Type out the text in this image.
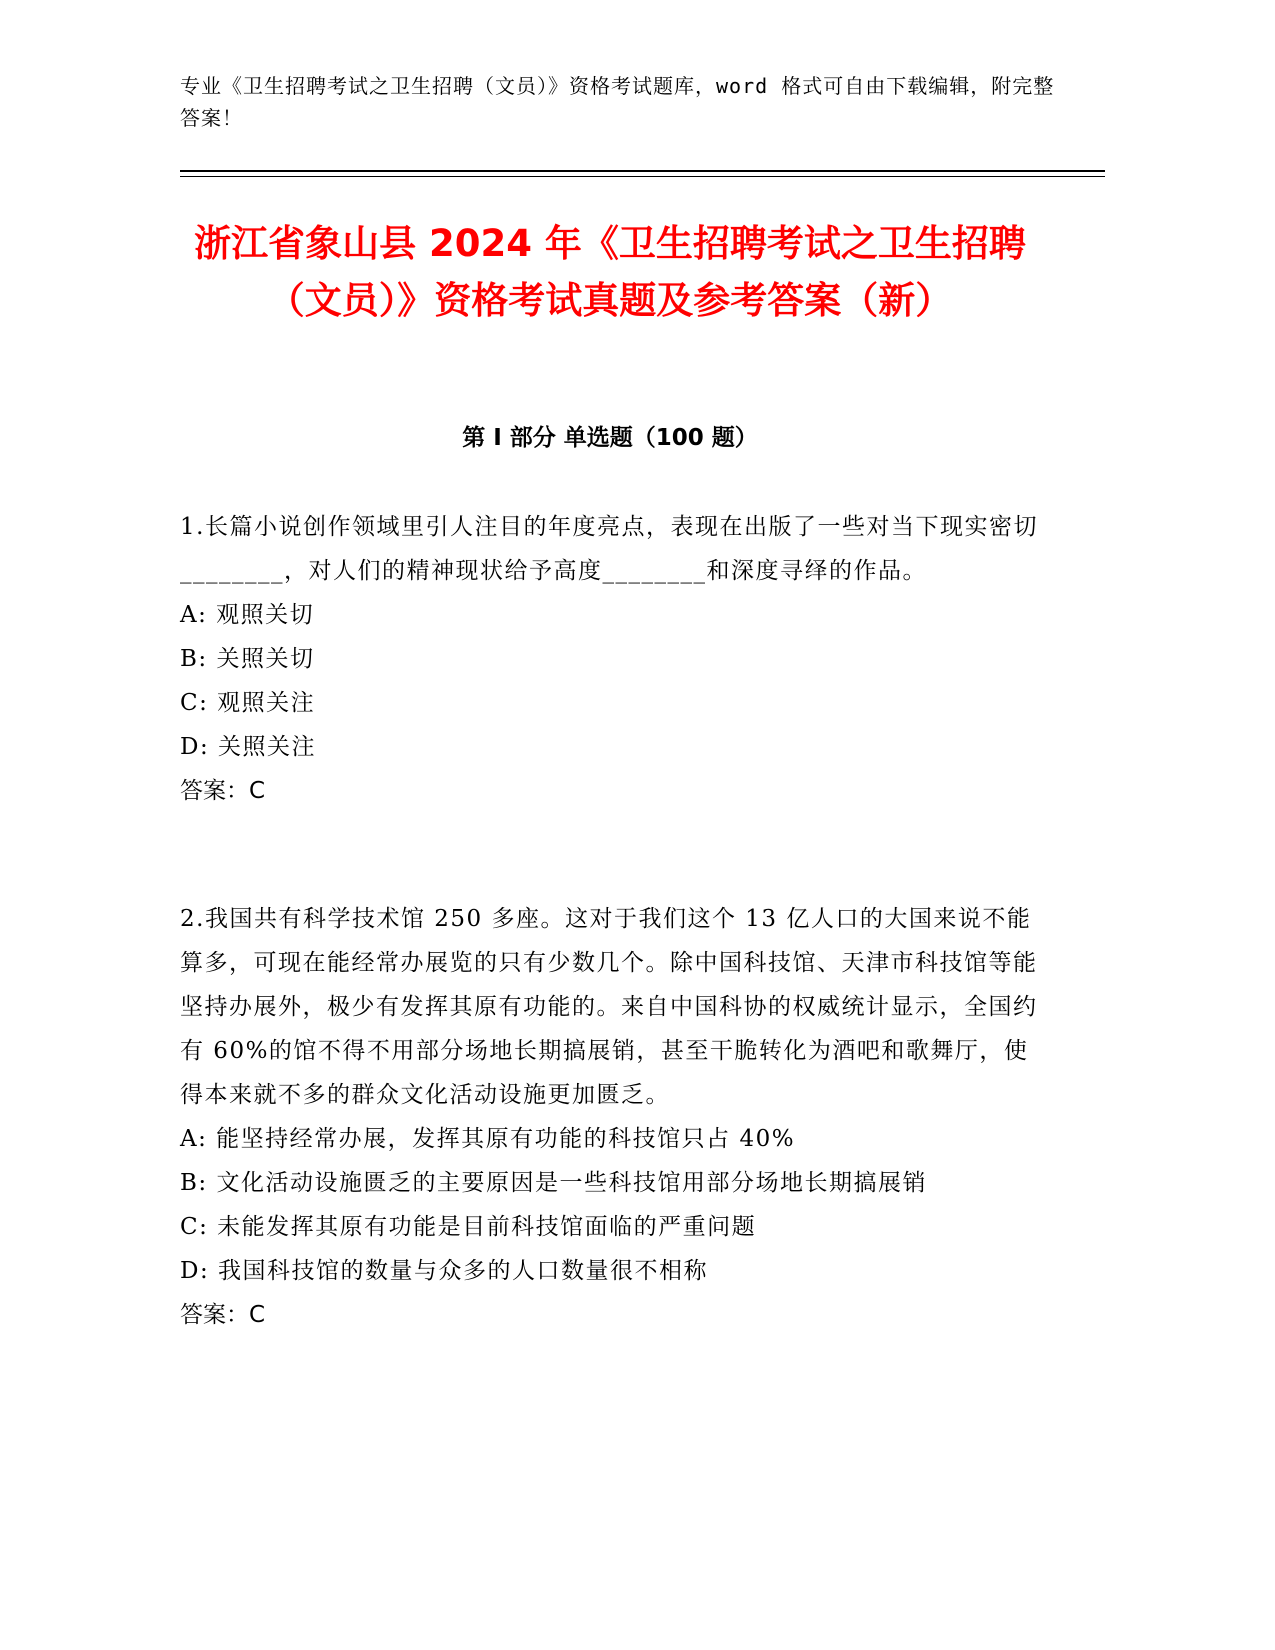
专业《卫生招聘考试之卫生招聘（文员）》资格考试题库，word 格式可自由下载编辑，附完整答案！
浙江省象山县 2024 年《卫生招聘考试之卫生招聘（文员）》资格考试真题及参考答案（新）
第 I 部分 单选题（100 题）

1.长篇小说创作领域里引人注目的年度亮点，表现在出版了一些对当下现实密切________，对人们的精神现状给予高度________和深度寻绎的作品。

A: 观照关切

B: 关照关切

C: 观照关注

D: 关照关注

答案：C

2.我国共有科学技术馆 250 多座。这对于我们这个 13 亿人口的大国来说不能算多，可现在能经常办展览的只有少数几个。除中国科技馆、天津市科技馆等能坚持办展外，极少有发挥其原有功能的。来自中国科协的权威统计显示，全国约有 60%的馆不得不用部分场地长期搞展销，甚至干脆转化为酒吧和歌舞厅，使得本来就不多的群众文化活动设施更加匮乏。

A: 能坚持经常办展，发挥其原有功能的科技馆只占 40%

B: 文化活动设施匮乏的主要原因是一些科技馆用部分场地长期搞展销

C: 未能发挥其原有功能是目前科技馆面临的严重问题

D: 我国科技馆的数量与众多的人口数量很不相称

答案：C
